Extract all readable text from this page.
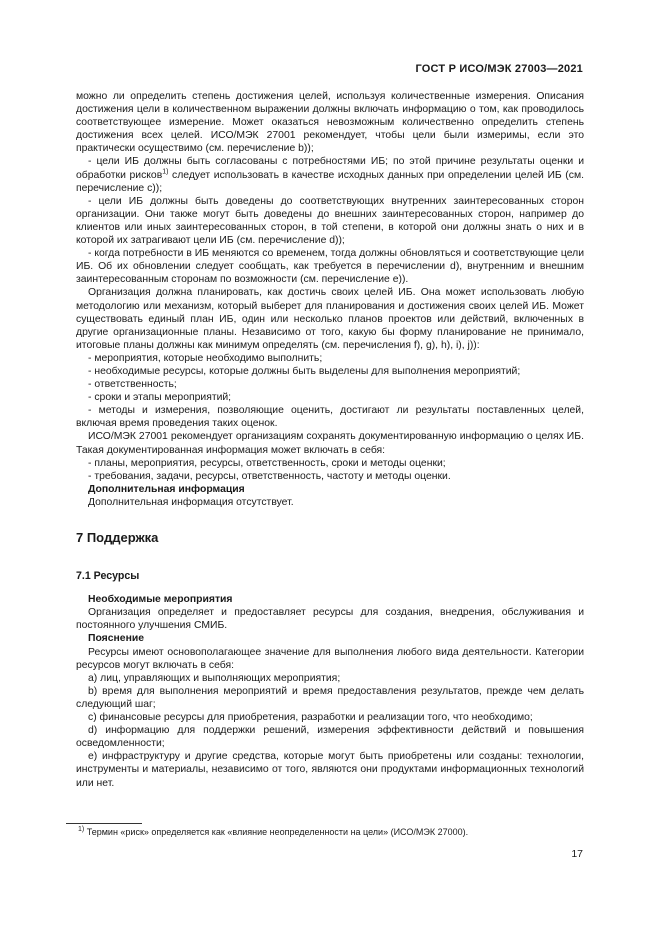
ГОСТ Р ИСО/МЭК 27003—2021

можно ли определить степень достижения целей, используя количественные измерения. Описания достижения цели в количественном выражении должны включать информацию о том, как проводилось соответствующее измерение. Может оказаться невозможным количественно определить степень достижения всех целей. ИСО/МЭК 27001 рекомендует, чтобы цели были измеримы, если это практически осуществимо (см. перечисление b));

- цели ИБ должны быть согласованы с потребностями ИБ; по этой причине результаты оценки и обработки рисков$^{1)}$ следует использовать в качестве исходных данных при определении целей ИБ (см. перечисление c));

- цели ИБ должны быть доведены до соответствующих внутренних заинтересованных сторон организации. Они также могут быть доведены до внешних заинтересованных сторон, например до клиентов или иных заинтересованных сторон, в той степени, в которой они должны знать о них и в которой их затрагивают цели ИБ (см. перечисление d));

- когда потребности в ИБ меняются со временем, тогда должны обновляться и соответствующие цели ИБ. Об их обновлении следует сообщать, как требуется в перечислении d), внутренним и внешним заинтересованным сторонам по возможности (см. перечисление e)).

Организация должна планировать, как достичь своих целей ИБ. Она может использовать любую методологию или механизм, который выберет для планирования и достижения своих целей ИБ. Может существовать единый план ИБ, один или несколько планов проектов или действий, включенных в другие организационные планы. Независимо от того, какую бы форму планирование не принимало, итоговые планы должны как минимум определять (см. перечисления f), g), h), i), j)):

- мероприятия, которые необходимо выполнить;

- необходимые ресурсы, которые должны быть выделены для выполнения мероприятий;

- ответственность;

- сроки и этапы мероприятий;

- методы и измерения, позволяющие оценить, достигают ли результаты поставленных целей, включая время проведения таких оценок.

ИСО/МЭК 27001 рекомендует организациям сохранять документированную информацию о целях ИБ. Такая документированная информация может включать в себя:

- планы, мероприятия, ресурсы, ответственность, сроки и методы оценки;

- требования, задачи, ресурсы, ответственность, частоту и методы оценки.

Дополнительная информация

Дополнительная информация отсутствует.

7 Поддержка
7.1 Ресурсы

Необходимые мероприятия

Организация определяет и предоставляет ресурсы для создания, внедрения, обслуживания и постоянного улучшения СМИБ.

Пояснение

Ресурсы имеют основополагающее значение для выполнения любого вида деятельности. Категории ресурсов могут включать в себя:

a) лиц, управляющих и выполняющих мероприятия;

b) время для выполнения мероприятий и время предоставления результатов, прежде чем делать следующий шаг;

c) финансовые ресурсы для приобретения, разработки и реализации того, что необходимо;

d) информацию для поддержки решений, измерения эффективности действий и повышения осведомленности;

e) инфраструктуру и другие средства, которые могут быть приобретены или созданы: технологии, инструменты и материалы, независимо от того, являются они продуктами информационных технологий или нет.

$^{1)}$ Термин «риск» определяется как «влияние неопределенности на цели» (ИСО/МЭК 27000).
17
